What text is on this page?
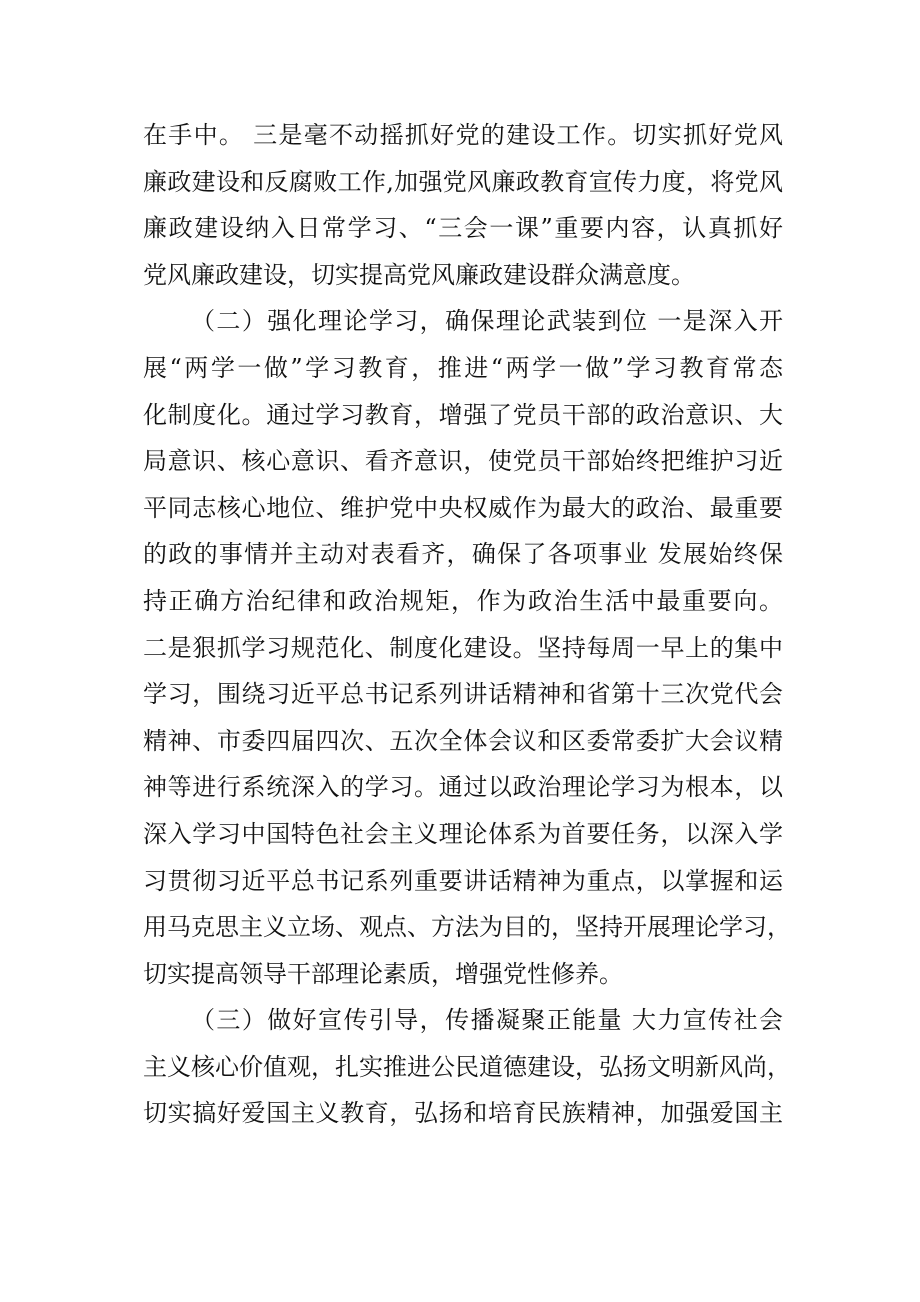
在手中。 三是毫不动摇抓好党的建设工作。切实抓好党风
廉政建设和反腐败工作,加强党风廉政教育宣传力度，将党风
廉政建设纳入日常学习、“三会一课”重要内容，认真抓好
党风廉政建设，切实提高党风廉政建设群众满意度。
（二）强化理论学习，确保理论武装到位 一是深入开
展“两学一做”学习教育，推进“两学一做”学习教育常态
化制度化。通过学习教育，增强了党员干部的政治意识、大
局意识、核心意识、看齐意识，使党员干部始终把维护习近
平同志核心地位、维护党中央权威作为最大的政治、最重要
的政的事情并主动对表看齐，确保了各项事业 发展始终保
持正确方治纪律和政治规矩，作为政治生活中最重要向。
二是狠抓学习规范化、制度化建设。坚持每周一早上的集中
学习，围绕习近平总书记系列讲话精神和省第十三次党代会
精神、市委四届四次、五次全体会议和区委常委扩大会议精
神等进行系统深入的学习。通过以政治理论学习为根本，以
深入学习中国特色社会主义理论体系为首要任务，以深入学
习贯彻习近平总书记系列重要讲话精神为重点，以掌握和运
用马克思主义立场、观点、方法为目的，坚持开展理论学习，
切实提高领导干部理论素质，增强党性修养。
（三）做好宣传引导，传播凝聚正能量 大力宣传社会
主义核心价值观，扎实推进公民道德建设，弘扬文明新风尚，
切实搞好爱国主义教育，弘扬和培育民族精神，加强爱国主
